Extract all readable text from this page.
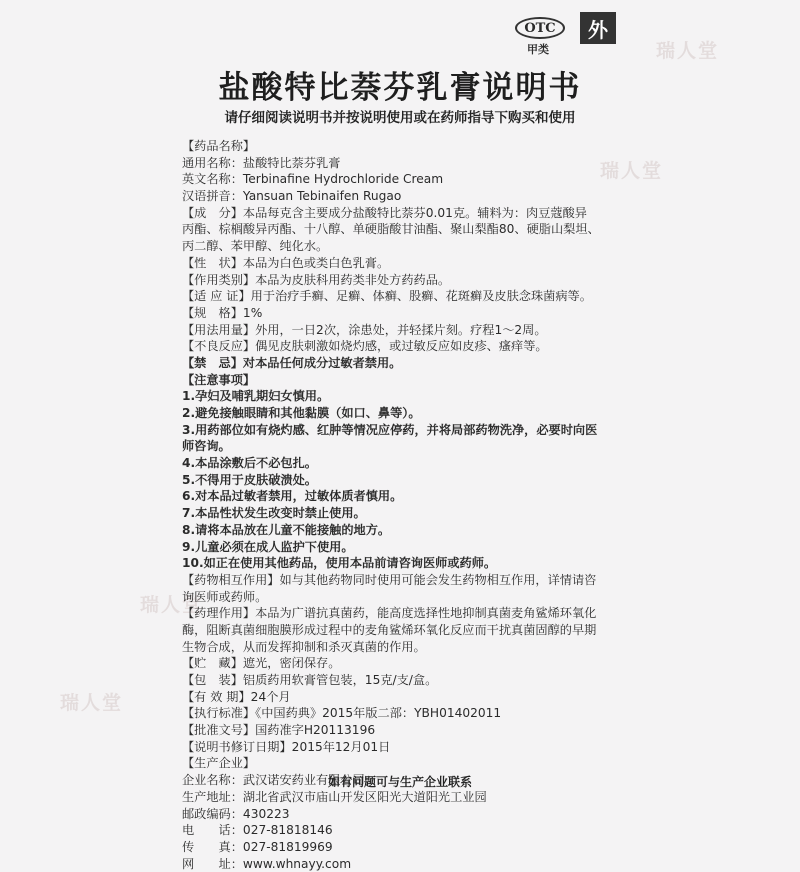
OTC
甲类
外
瑞人堂
瑞人堂
瑞人堂
瑞人堂
盐酸特比萘芬乳膏说明书
请仔细阅读说明书并按说明使用或在药师指导下购买和使用
【药品名称】
通用名称：盐酸特比萘芬乳膏
英文名称：Terbinafine Hydrochloride Cream
汉语拼音：Yansuan Tebinaifen Rugao
【成　分】本品每克含主要成分盐酸特比萘芬0.01克。辅料为：肉豆蔻酸异
丙酯、棕榈酸异丙酯、十八醇、单硬脂酸甘油酯、聚山梨酯80、硬脂山梨坦、
丙二醇、苯甲醇、纯化水。
【性　状】本品为白色或类白色乳膏。
【作用类别】本品为皮肤科用药类非处方药药品。
【适 应 证】用于治疗手癣、足癣、体癣、股癣、花斑癣及皮肤念珠菌病等。
【规　格】1%
【用法用量】外用，一日2次，涂患处，并轻揉片刻。疗程1～2周。
【不良反应】偶见皮肤刺激如烧灼感，或过敏反应如皮疹、瘙痒等。
【禁　忌】对本品任何成分过敏者禁用。
【注意事项】
1.孕妇及哺乳期妇女慎用。
2.避免接触眼睛和其他黏膜（如口、鼻等）。
3.用药部位如有烧灼感、红肿等情况应停药，并将局部药物洗净，必要时向医
师咨询。
4.本品涂敷后不必包扎。
5.不得用于皮肤破溃处。
6.对本品过敏者禁用，过敏体质者慎用。
7.本品性状发生改变时禁止使用。
8.请将本品放在儿童不能接触的地方。
9.儿童必须在成人监护下使用。
10.如正在使用其他药品，使用本品前请咨询医师或药师。
【药物相互作用】如与其他药物同时使用可能会发生药物相互作用，详情请咨
询医师或药师。
【药理作用】本品为广谱抗真菌药，能高度选择性地抑制真菌麦角鲨烯环氧化
酶，阻断真菌细胞膜形成过程中的麦角鲨烯环氧化反应而干扰真菌固醇的早期
生物合成，从而发挥抑制和杀灭真菌的作用。
【贮　藏】遮光，密闭保存。
【包　装】铝质药用软膏管包装，15克/支/盒。
【有 效 期】24个月
【执行标准】《中国药典》2015年版二部：YBH01402011
【批准文号】国药准字H20113196
【说明书修订日期】2015年12月01日
【生产企业】
企业名称：武汉诺安药业有限公司
生产地址：湖北省武汉市庙山开发区阳光大道阳光工业园
邮政编码：430223
电　　话：027-81818146
传　　真：027-81819969
网　　址：www.whnayy.com
如有问题可与生产企业联系
